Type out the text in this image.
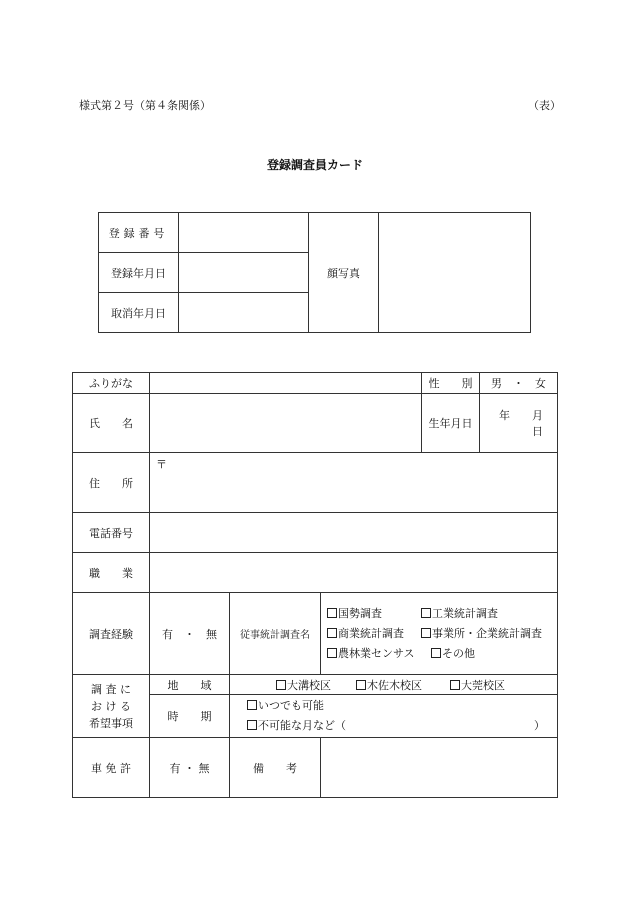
様式第２号（第４条関係）	（表）
登録調査員カード
登録番号		顔写真	
登録年月日			
取消年月日			
ふりがな				性　　別	男　・　女
氏　　名				生年月日	年　　月　　日
住　　所	〒				
電話番号					
職　　業					
調査経験	有　・　無	従事統計調査名	国勢調査 工業統計調査
商業統計調査 事業所・企業統計調査
農林業センサス その他		

調 査 に
お け る
希望事項	地　　域	大溝校区 木佐木校区 大莞校区			
	時　　期	いつでも可能
不可能な月など（ ）			

車 免 許	有 ・ 無	備　　考			
